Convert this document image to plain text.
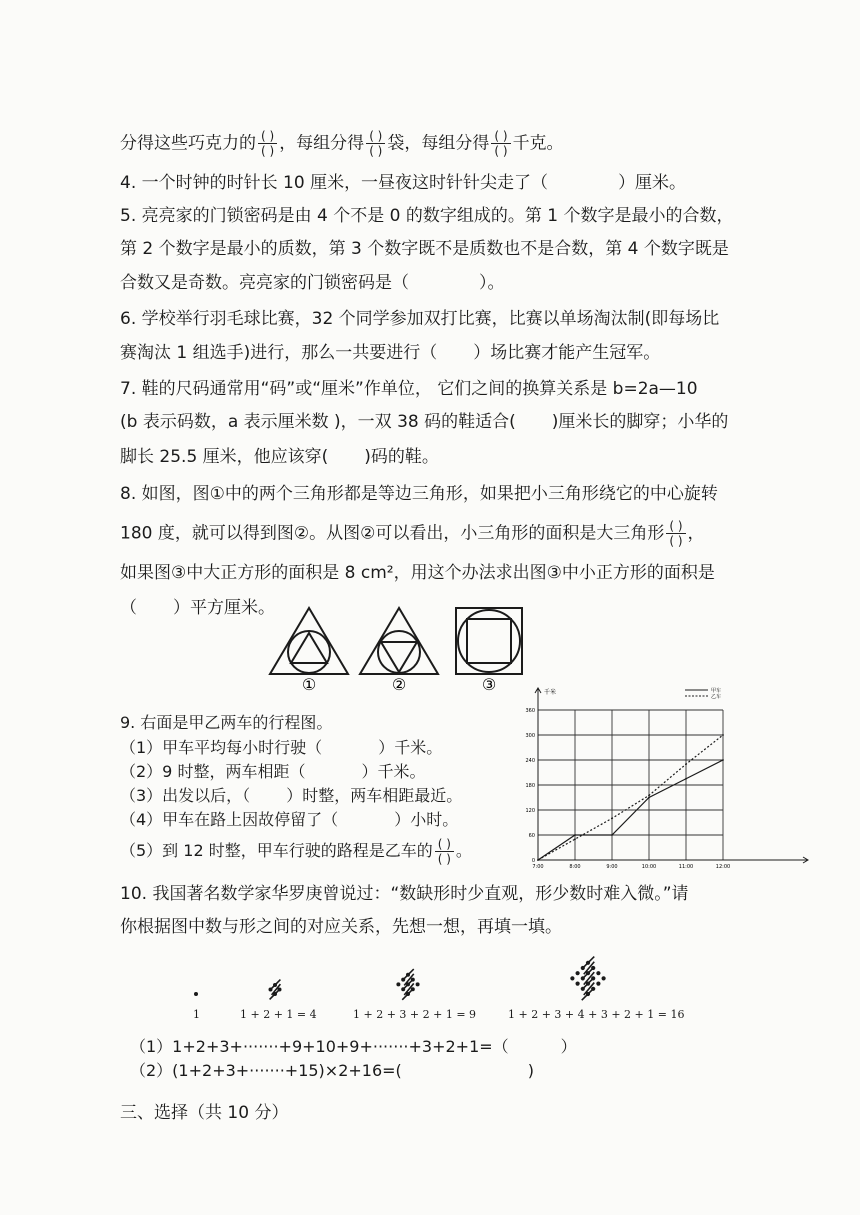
分得这些巧克力的 $\frac{( )}{( )}$ ，每组分得 $\frac{( )}{( )}$ 袋，每组分得 $\frac{( )}{( )}$ 千克。
4. 一个时钟的时针长 10 厘米，一昼夜这时针针尖走了（	）厘米。
5. 亮亮家的门锁密码是由 4 个不是 0 的数字组成的。第 1 个数字是最小的合数，
第 2 个数字是最小的质数，第 3 个数字既不是质数也不是合数，第 4 个数字既是
合数又是奇数。亮亮家的门锁密码是（	）。
6. 学校举行羽毛球比赛，32 个同学参加双打比赛，比赛以单场淘汰制(即每场比
赛淘汰 1 组选手)进行，那么一共要进行（ ）场比赛才能产生冠军。
7. 鞋的尺码通常用“码”或“厘米”作单位， 它们之间的换算关系是 b=2a—10
(b 表示码数，a 表示厘米数 )，一双 38 码的鞋适合( )厘米长的脚穿；小华的
脚长 25.5 厘米，他应该穿( )码的鞋。
8. 如图，图①中的两个三角形都是等边三角形，如果把小三角形绕它的中心旋转
180 度，就可以得到图②。从图②可以看出，小三角形的面积是大三角形 $\frac{( )}{( )}$ ，
如果图③中大正方形的面积是 8 cm²，用这个办法求出图③中小正方形的面积是
（ ）平方厘米。
①	②	③
9. 右面是甲乙两车的行程图。
（1）甲车平均每小时行驶（	）千米。
（2）9 时整，两车相距（	）千米。
（3）出发以后，（ ）时整，两车相距最近。
（4）甲车在路上因故停留了（	）小时。
（5）到 12 时整，甲车行驶的路程是乙车的 $\frac{( )}{( )}$ 。
0
60
120
180
240
300
360
7:00	8:00	9:00	10:00	11:00	12:00
千米	甲车
乙车
10. 我国著名数学家华罗庚曾说过：“数缺形时少直观，形少数时难入微。”请
你根据图中数与形之间的对应关系，先想一想，再填一填。
1	1 + 2 + 1 = 4	1 + 2 + 3 + 2 + 1 = 9	1 + 2 + 3 + 4 + 3 + 2 + 1 = 16
（1）1+2+3+·······+9+10+9+·······+3+2+1=（	）
（2）(1+2+3+·······+15)×2+16=(	)
三、选择（共 10 分）
